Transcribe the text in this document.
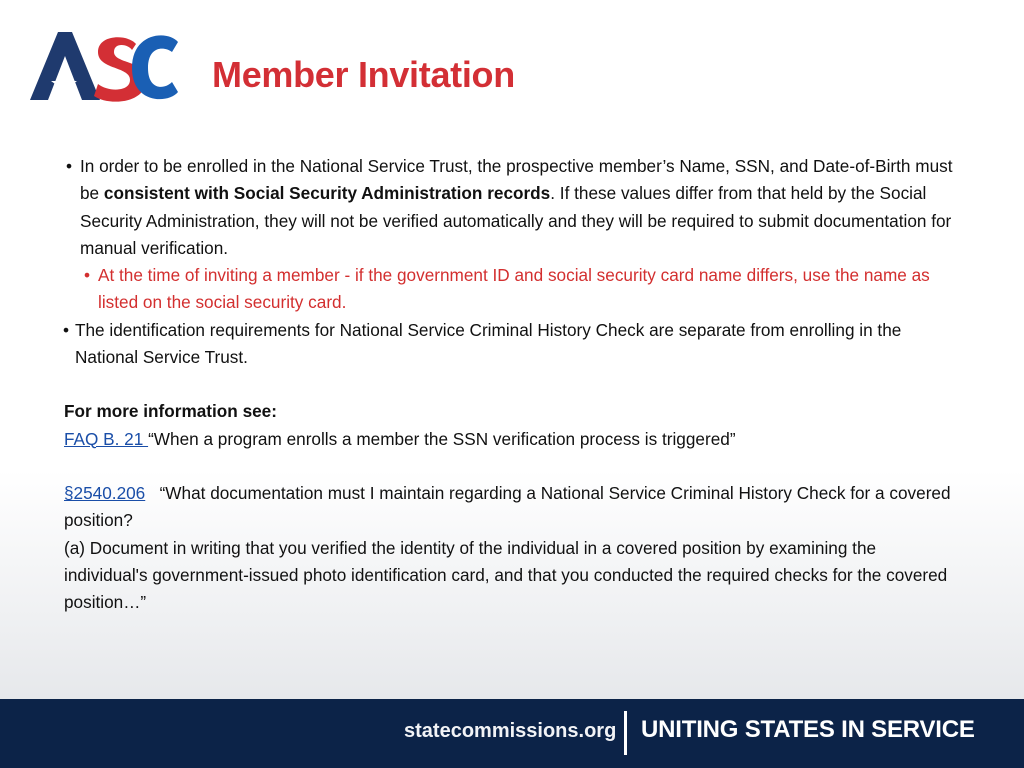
Member Invitation
• In order to be enrolled in the National Service Trust, the prospective member’s Name, SSN, and Date-of-Birth must be consistent with Social Security Administration records. If these values differ from that held by the Social Security Administration, they will not be verified automatically and they will be required to submit documentation for manual verification.
• At the time of inviting a member - if the government ID and social security card name differs, use the name as listed on the social security card.
• The identification requirements for National Service Criminal History Check are separate from enrolling in the National Service Trust.
For more information see:
FAQ B. 21 “When a program enrolls a member the SSN verification process is triggered”
§2540.206   “What documentation must I maintain regarding a National Service Criminal History Check for a covered position?
(a) Document in writing that you verified the identity of the individual in a covered position by examining the individual's government-issued photo identification card, and that you conducted the required checks for the covered position…”
statecommissions.org UNITING STATES IN SERVICE
